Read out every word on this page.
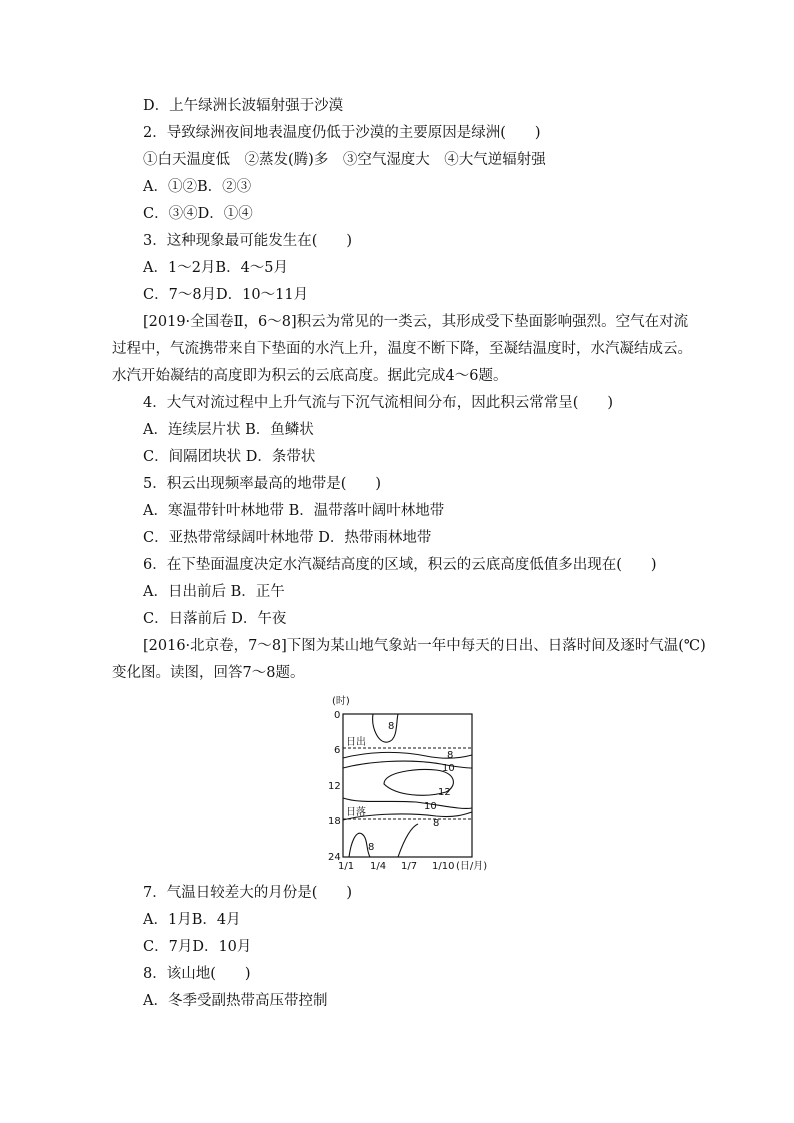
D．上午绿洲长波辐射强于沙漠
2．导致绿洲夜间地表温度仍低于沙漠的主要原因是绿洲(　　)
①白天温度低　②蒸发(腾)多　③空气湿度大　④大气逆辐射强
A．①②B．②③
C．③④D．①④
3．这种现象最可能发生在(　　)
A．1～2月B．4～5月
C．7～8月D．10～11月
[2019·全国卷Ⅱ，6～8]积云为常见的一类云，其形成受下垫面影响强烈。空气在对流
过程中，气流携带来自下垫面的水汽上升，温度不断下降，至凝结温度时，水汽凝结成云。
水汽开始凝结的高度即为积云的云底高度。据此完成4～6题。
4．大气对流过程中上升气流与下沉气流相间分布，因此积云常常呈(　　)
A．连续层片状 B．鱼鳞状
C．间隔团块状 D．条带状
5．积云出现频率最高的地带是(　　)
A．寒温带针叶林地带 B．温带落叶阔叶林地带
C．亚热带常绿阔叶林地带 D．热带雨林地带
6．在下垫面温度决定水汽凝结高度的区域，积云的云底高度低值多出现在(　　)
A．日出前后 B．正午
C．日落前后 D．午夜
[2016·北京卷，7～8]下图为某山地气象站一年中每天的日出、日落时间及逐时气温(℃)
变化图。读图，回答7～8题。
(时)
0
6
12
18
24
日出
日落
8
8
10
12
10
8
8
1/1 1/4 1/7 1/10 (日/月)
7．气温日较差大的月份是(　　)
A．1月B．4月
C．7月D．10月
8．该山地(　　)
A．冬季受副热带高压带控制
